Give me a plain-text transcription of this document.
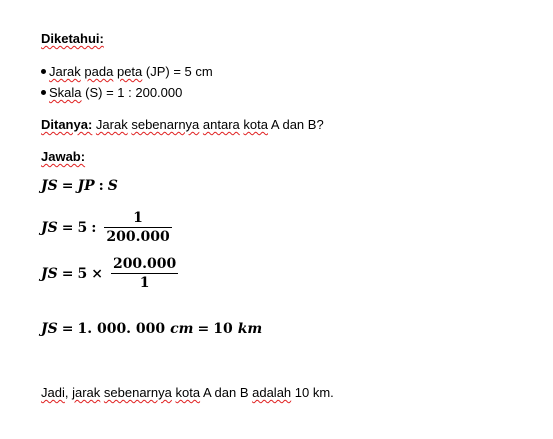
Diketahui:
Jarak pada peta (JP) = 5 cm
Skala (S) = 1 : 200.000
Ditanya: Jarak sebenarnya antara kota A dan B?
Jawab:
JS = JP : S
JS = 5 : $\frac{1}{200.000}$
JS = $5 \times \frac{200.000}{1}$
JS = 1. 000. 000 cm = 10 km
Jadi, jarak sebenarnya kota A dan B adalah 10 km.
